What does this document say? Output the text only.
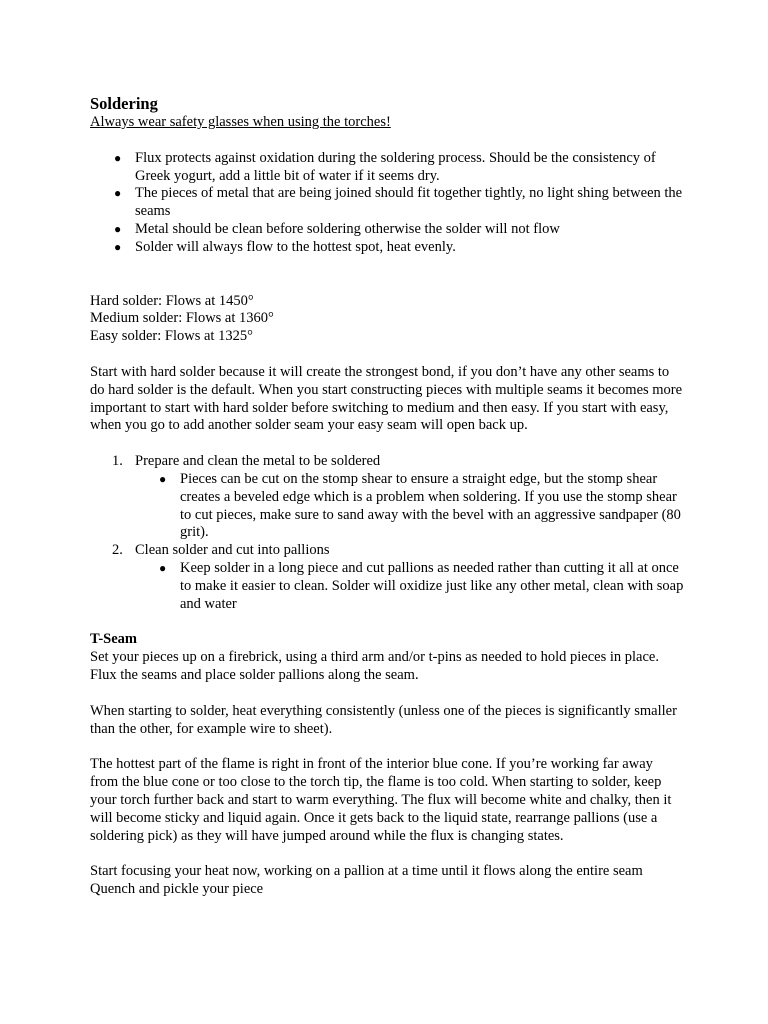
Soldering

Always wear safety glasses when using the torches!

● Flux protects against oxidation during the soldering process. Should be the consistency of Greek yogurt, add a little bit of water if it seems dry.
● The pieces of metal that are being joined should fit together tightly, no light shing between the seams
● Metal should be clean before soldering otherwise the solder will not flow
● Solder will always flow to the hottest spot, heat evenly.

Hard solder: Flows at 1450°

Medium solder: Flows at 1360°

Easy solder: Flows at 1325°

Start with hard solder because it will create the strongest bond, if you don’t have any other seams to do hard solder is the default. When you start constructing pieces with multiple seams it becomes more important to start with hard solder before switching to medium and then easy. If you start with easy, when you go to add another solder seam your easy seam will open back up.

1. Prepare and clean the metal to be soldered
● Pieces can be cut on the stomp shear to ensure a straight edge, but the stomp shear creates a beveled edge which is a problem when soldering. If you use the stomp shear to cut pieces, make sure to sand away with the bevel with an aggressive sandpaper (80 grit).
2. Clean solder and cut into pallions
● Keep solder in a long piece and cut pallions as needed rather than cutting it all at once to make it easier to clean. Solder will oxidize just like any other metal, clean with soap and water

T-Seam

Set your pieces up on a firebrick, using a third arm and/or t-pins as needed to hold pieces in place. Flux the seams and place solder pallions along the seam.

When starting to solder, heat everything consistently (unless one of the pieces is significantly smaller than the other, for example wire to sheet).

The hottest part of the flame is right in front of the interior blue cone. If you’re working far away from the blue cone or too close to the torch tip, the flame is too cold. When starting to solder, keep your torch further back and start to warm everything. The flux will become white and chalky, then it will become sticky and liquid again. Once it gets back to the liquid state, rearrange pallions (use a soldering pick) as they will have jumped around while the flux is changing states.

Start focusing your heat now, working on a pallion at a time until it flows along the entire seam

Quench and pickle your piece
